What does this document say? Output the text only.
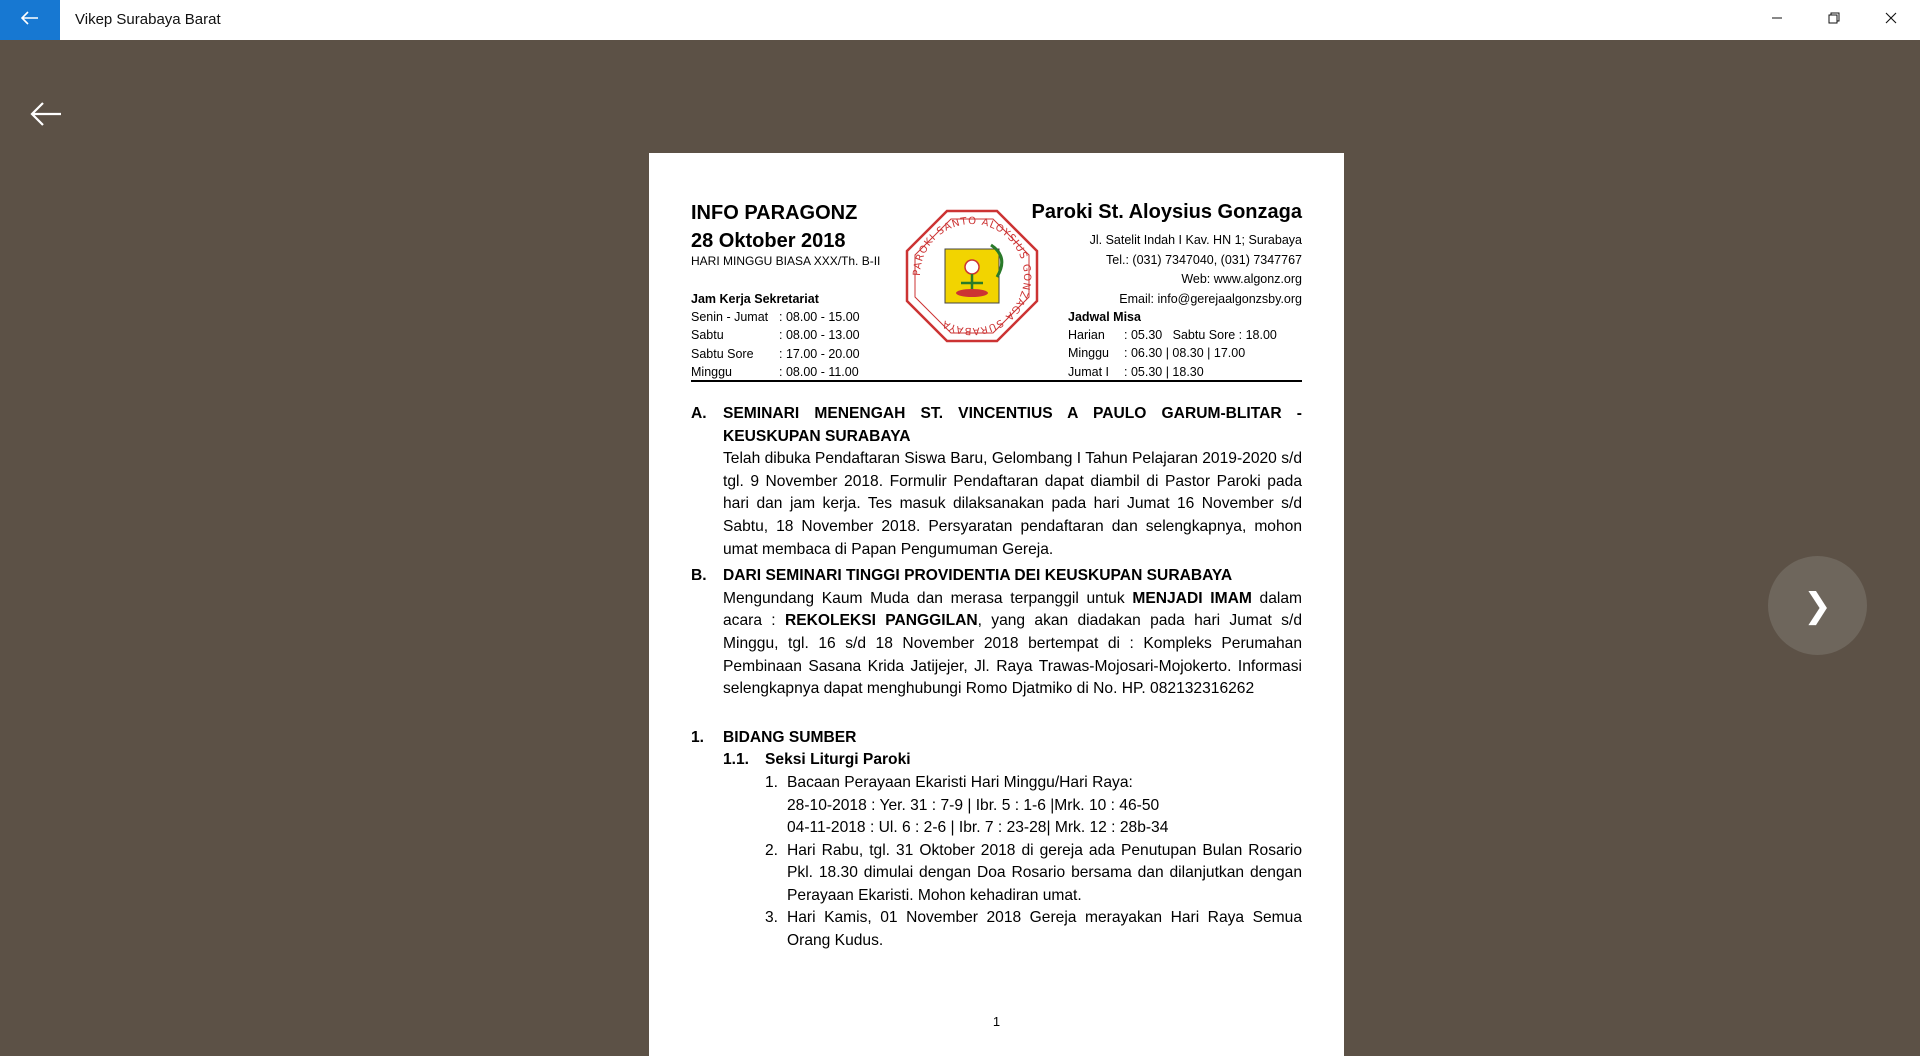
Vikep Surabaya Barat
INFO PARAGONZ
28 Oktober 2018
HARI MINGGU BIASA XXX/Th. B-II
Jam Kerja Sekretariat
Senin - Jumat : 08.00 - 15.00
Sabtu	: 08.00 - 13.00
Sabtu Sore	: 17.00 - 20.00
Minggu	: 08.00 - 11.00
PAROKI SANTO ALOYSIUS GONZAGA SURABAYA
Paroki St. Aloysius Gonzaga
Jl. Satelit Indah I Kav. HN 1; Surabaya
Tel.: (031) 7347040, (031) 7347767
Web: www.algonz.org
Email: info@gerejaalgonzsby.org
Jadwal Misa
Harian	: 05.30   Sabtu Sore : 18.00
Minggu	: 06.30 | 08.30 | 17.00
Jumat I	: 05.30 | 18.30
A.	SEMINARI MENENGAH ST. VINCENTIUS A PAULO GARUM-BLITAR - KEUSKUPAN SURABAYA
Telah dibuka Pendaftaran Siswa Baru, Gelombang I Tahun Pelajaran 2019-2020 s/d tgl. 9 November 2018. Formulir Pendaftaran dapat diambil di Pastor Paroki pada hari dan jam kerja. Tes masuk dilaksanakan pada hari Jumat 16 November s/d Sabtu, 18 November 2018. Persyaratan pendaftaran dan selengkapnya, mohon umat membaca di Papan Pengumuman Gereja.
B.	DARI SEMINARI TINGGI PROVIDENTIA DEI KEUSKUPAN SURABAYA
Mengundang Kaum Muda dan merasa terpanggil untuk MENJADI IMAM dalam acara : REKOLEKSI PANGGILAN, yang akan diadakan pada hari Jumat s/d Minggu, tgl. 16 s/d 18 November 2018 bertempat di : Kompleks Perumahan Pembinaan Sasana Krida Jatijejer, Jl. Raya Trawas-Mojosari-Mojokerto. Informasi selengkapnya dapat menghubungi Romo Djatmiko di No. HP. 082132316262
1.	BIDANG SUMBER
1.1.	Seksi Liturgi Paroki
1. Bacaan Perayaan Ekaristi Hari Minggu/Hari Raya:
28-10-2018 : Yer. 31 : 7-9 | Ibr. 5 : 1-6 |Mrk. 10 : 46-50
04-11-2018 : Ul. 6 : 2-6 | Ibr. 7 : 23-28| Mrk. 12 : 28b-34
2. Hari Rabu, tgl. 31 Oktober 2018 di gereja ada Penutupan Bulan Rosario Pkl. 18.30 dimulai dengan Doa Rosario bersama dan dilanjutkan dengan Perayaan Ekaristi. Mohon kehadiran umat.
3. Hari Kamis, 01 November 2018 Gereja merayakan Hari Raya Semua Orang Kudus.
1
❯
